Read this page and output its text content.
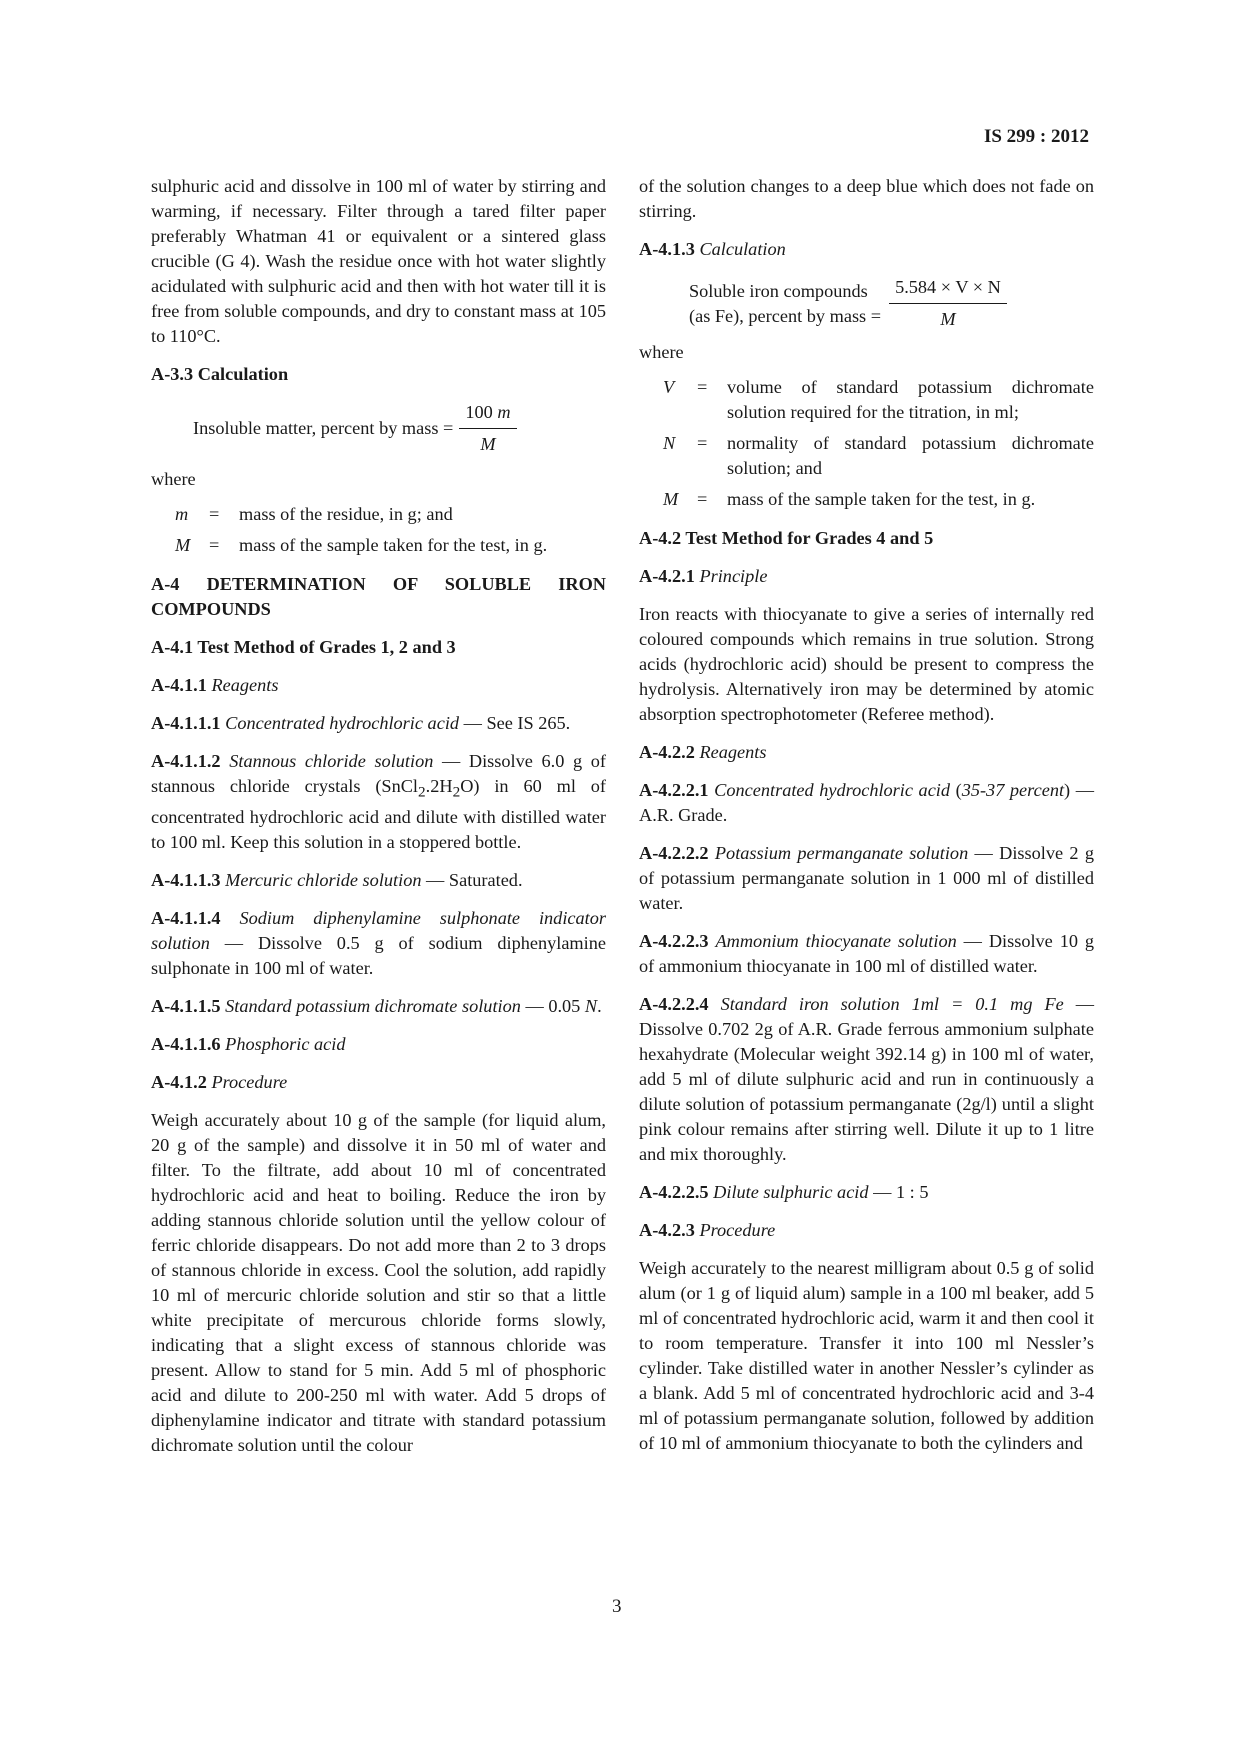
IS 299 : 2012

sulphuric acid and dissolve in 100 ml of water by stirring and warming, if necessary. Filter through a tared filter paper preferably Whatman 41 or equivalent or a sintered glass crucible (G 4). Wash the residue once with hot water slightly acidulated with sulphuric acid and then with hot water till it is free from soluble compounds, and dry to constant mass at 105 to 110°C.

A-3.3 Calculation
Insoluble matter, percent by mass = $\frac{100 m}{M}$

where

m	=	mass of the residue, in g; and
M	=	mass of the sample taken for the test, in g.
A-4 DETERMINATION OF SOLUBLE IRON COMPOUNDS
A-4.1 Test Method of Grades 1, 2 and 3

A-4.1.1 Reagents

A-4.1.1.1 Concentrated hydrochloric acid — See IS 265.

A-4.1.1.2 Stannous chloride solution — Dissolve 6.0 g of stannous chloride crystals $(SnCl_2.2H_2O)$ in 60 ml of concentrated hydrochloric acid and dilute with distilled water to 100 ml. Keep this solution in a stoppered bottle.

A-4.1.1.3 Mercuric chloride solution — Saturated.

A-4.1.1.4 Sodium diphenylamine sulphonate indicator solution — Dissolve 0.5 g of sodium diphenylamine sulphonate in 100 ml of water.

A-4.1.1.5 Standard potassium dichromate solution — 0.05 N.

A-4.1.1.6 Phosphoric acid

A-4.1.2 Procedure

Weigh accurately about 10 g of the sample (for liquid alum, 20 g of the sample) and dissolve it in 50 ml of water and filter. To the filtrate, add about 10 ml of concentrated hydrochloric acid and heat to boiling. Reduce the iron by adding stannous chloride solution until the yellow colour of ferric chloride disappears. Do not add more than 2 to 3 drops of stannous chloride in excess. Cool the solution, add rapidly 10 ml of mercuric chloride solution and stir so that a little white precipitate of mercurous chloride forms slowly, indicating that a slight excess of stannous chloride was present. Allow to stand for 5 min. Add 5 ml of phosphoric acid and dilute to 200-250 ml with water. Add 5 drops of diphenylamine indicator and titrate with standard potassium dichromate solution until the colour

of the solution changes to a deep blue which does not fade on stirring.

A-4.1.3 Calculation

Soluble iron compounds
(as Fe), percent by mass = $\frac{5.584 \times V \times N}{M}$

where

V	=	volume of standard potassium dichromate solution required for the titration, in ml;
N	=	normality of standard potassium dichromate solution; and
M	=	mass of the sample taken for the test, in g.
A-4.2 Test Method for Grades 4 and 5

A-4.2.1 Principle

Iron reacts with thiocyanate to give a series of internally red coloured compounds which remains in true solution. Strong acids (hydrochloric acid) should be present to compress the hydrolysis. Alternatively iron may be determined by atomic absorption spectrophotometer (Referee method).

A-4.2.2 Reagents

A-4.2.2.1 Concentrated hydrochloric acid (35-37 percent) — A.R. Grade.

A-4.2.2.2 Potassium permanganate solution — Dissolve 2 g of potassium permanganate solution in 1 000 ml of distilled water.

A-4.2.2.3 Ammonium thiocyanate solution — Dissolve 10 g of ammonium thiocyanate in 100 ml of distilled water.

A-4.2.2.4 Standard iron solution 1ml = 0.1 mg Fe — Dissolve 0.702 2g of A.R. Grade ferrous ammonium sulphate hexahydrate (Molecular weight 392.14 g) in 100 ml of water, add 5 ml of dilute sulphuric acid and run in continuously a dilute solution of potassium permanganate (2g/l) until a slight pink colour remains after stirring well. Dilute it up to 1 litre and mix thoroughly.

A-4.2.2.5 Dilute sulphuric acid — 1 : 5

A-4.2.3 Procedure

Weigh accurately to the nearest milligram about 0.5 g of solid alum (or 1 g of liquid alum) sample in a 100 ml beaker, add 5 ml of concentrated hydrochloric acid, warm it and then cool it to room temperature. Transfer it into 100 ml Nessler’s cylinder. Take distilled water in another Nessler’s cylinder as a blank. Add 5 ml of concentrated hydrochloric acid and 3-4 ml of potassium permanganate solution, followed by addition of 10 ml of ammonium thiocyanate to both the cylinders and

3
